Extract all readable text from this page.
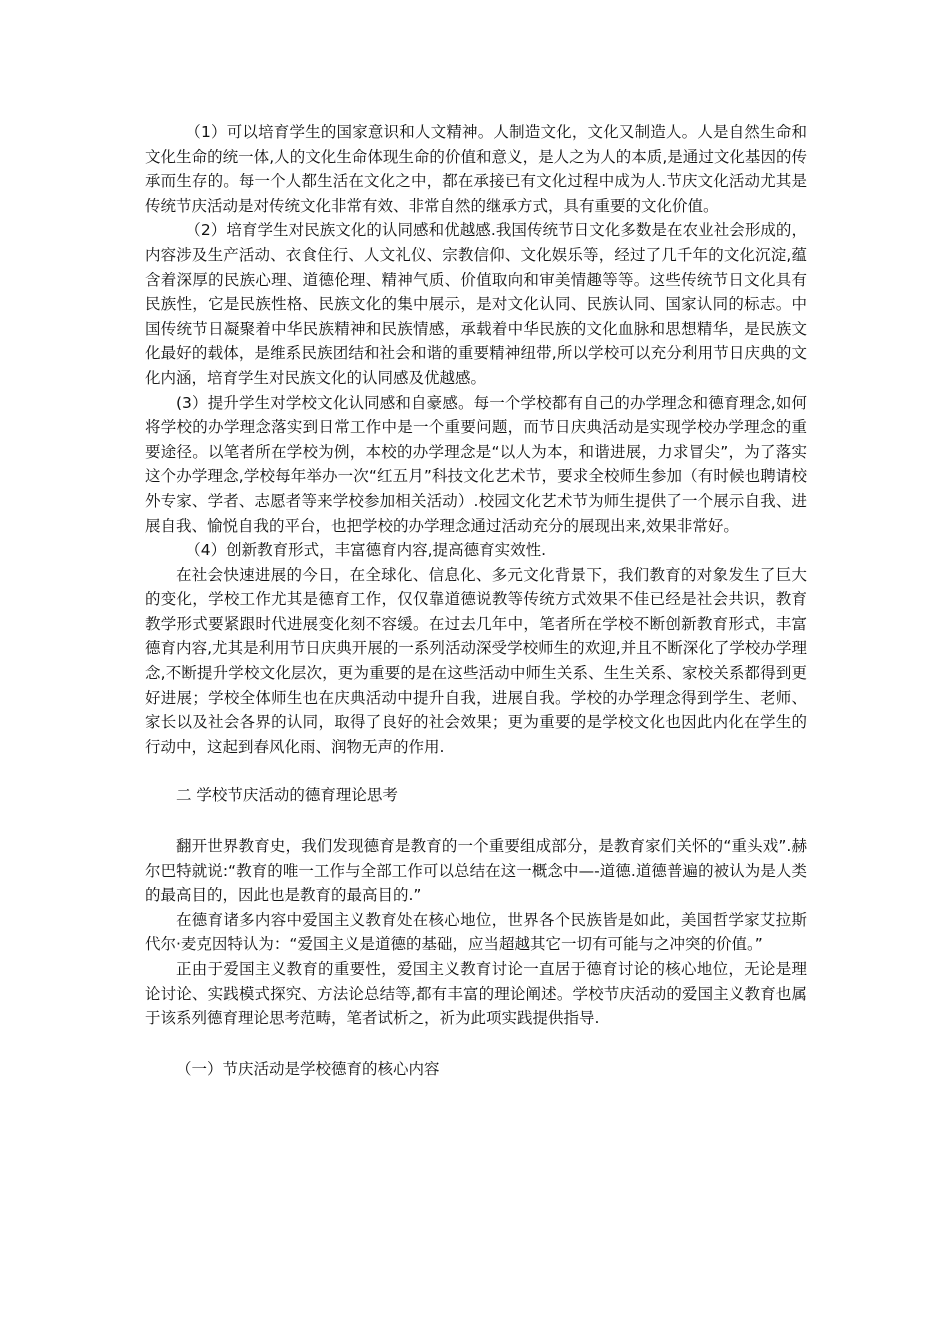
（1）可以培育学生的国家意识和人文精神。人制造文化，文化又制造人。人是自然生命和文化生命的统一体,人的文化生命体现生命的价值和意义，是人之为人的本质,是通过文化基因的传承而生存的。每一个人都生活在文化之中，都在承接已有文化过程中成为人.节庆文化活动尤其是传统节庆活动是对传统文化非常有效、非常自然的继承方式，具有重要的文化价值。

（2）培育学生对民族文化的认同感和优越感.我国传统节日文化多数是在农业社会形成的，内容涉及生产活动、衣食住行、人文礼仪、宗教信仰、文化娱乐等，经过了几千年的文化沉淀,蕴含着深厚的民族心理、道德伦理、精神气质、价值取向和审美情趣等等。这些传统节日文化具有民族性，它是民族性格、民族文化的集中展示，是对文化认同、民族认同、国家认同的标志。中国传统节日凝聚着中华民族精神和民族情感，承载着中华民族的文化血脉和思想精华，是民族文化最好的载体，是维系民族团结和社会和谐的重要精神纽带,所以学校可以充分利用节日庆典的文化内涵，培育学生对民族文化的认同感及优越感。

(3）提升学生对学校文化认同感和自豪感。每一个学校都有自己的办学理念和德育理念,如何将学校的办学理念落实到日常工作中是一个重要问题，而节日庆典活动是实现学校办学理念的重要途径。以笔者所在学校为例，本校的办学理念是“以人为本，和谐进展，力求冒尖”，为了落实这个办学理念,学校每年举办一次“红五月”科技文化艺术节，要求全校师生参加（有时候也聘请校外专家、学者、志愿者等来学校参加相关活动）.校园文化艺术节为师生提供了一个展示自我、进展自我、愉悦自我的平台，也把学校的办学理念通过活动充分的展现出来,效果非常好。

（4）创新教育形式，丰富德育内容,提高德育实效性.

在社会快速进展的今日，在全球化、信息化、多元文化背景下，我们教育的对象发生了巨大的变化，学校工作尤其是德育工作，仅仅靠道德说教等传统方式效果不佳已经是社会共识，教育教学形式要紧跟时代进展变化刻不容缓。在过去几年中，笔者所在学校不断创新教育形式，丰富德育内容,尤其是利用节日庆典开展的一系列活动深受学校师生的欢迎,并且不断深化了学校办学理念,不断提升学校文化层次，更为重要的是在这些活动中师生关系、生生关系、家校关系都得到更好进展；学校全体师生也在庆典活动中提升自我，进展自我。学校的办学理念得到学生、老师、家长以及社会各界的认同，取得了良好的社会效果；更为重要的是学校文化也因此内化在学生的行动中，这起到春风化雨、润物无声的作用.

二 学校节庆活动的德育理论思考

翻开世界教育史，我们发现德育是教育的一个重要组成部分，是教育家们关怀的“重头戏”.赫尔巴特就说:“教育的唯一工作与全部工作可以总结在这一概念中—-道德.道德普遍的被认为是人类的最高目的，因此也是教育的最高目的.”

在德育诸多内容中爱国主义教育处在核心地位，世界各个民族皆是如此，美国哲学家艾拉斯代尔·麦克因特认为：“爱国主义是道德的基础，应当超越其它一切有可能与之冲突的价值。”

正由于爱国主义教育的重要性，爱国主义教育讨论一直居于德育讨论的核心地位，无论是理论讨论、实践模式探究、方法论总结等,都有丰富的理论阐述。学校节庆活动的爱国主义教育也属于该系列德育理论思考范畴，笔者试析之，祈为此项实践提供指导.

（一）节庆活动是学校德育的核心内容
